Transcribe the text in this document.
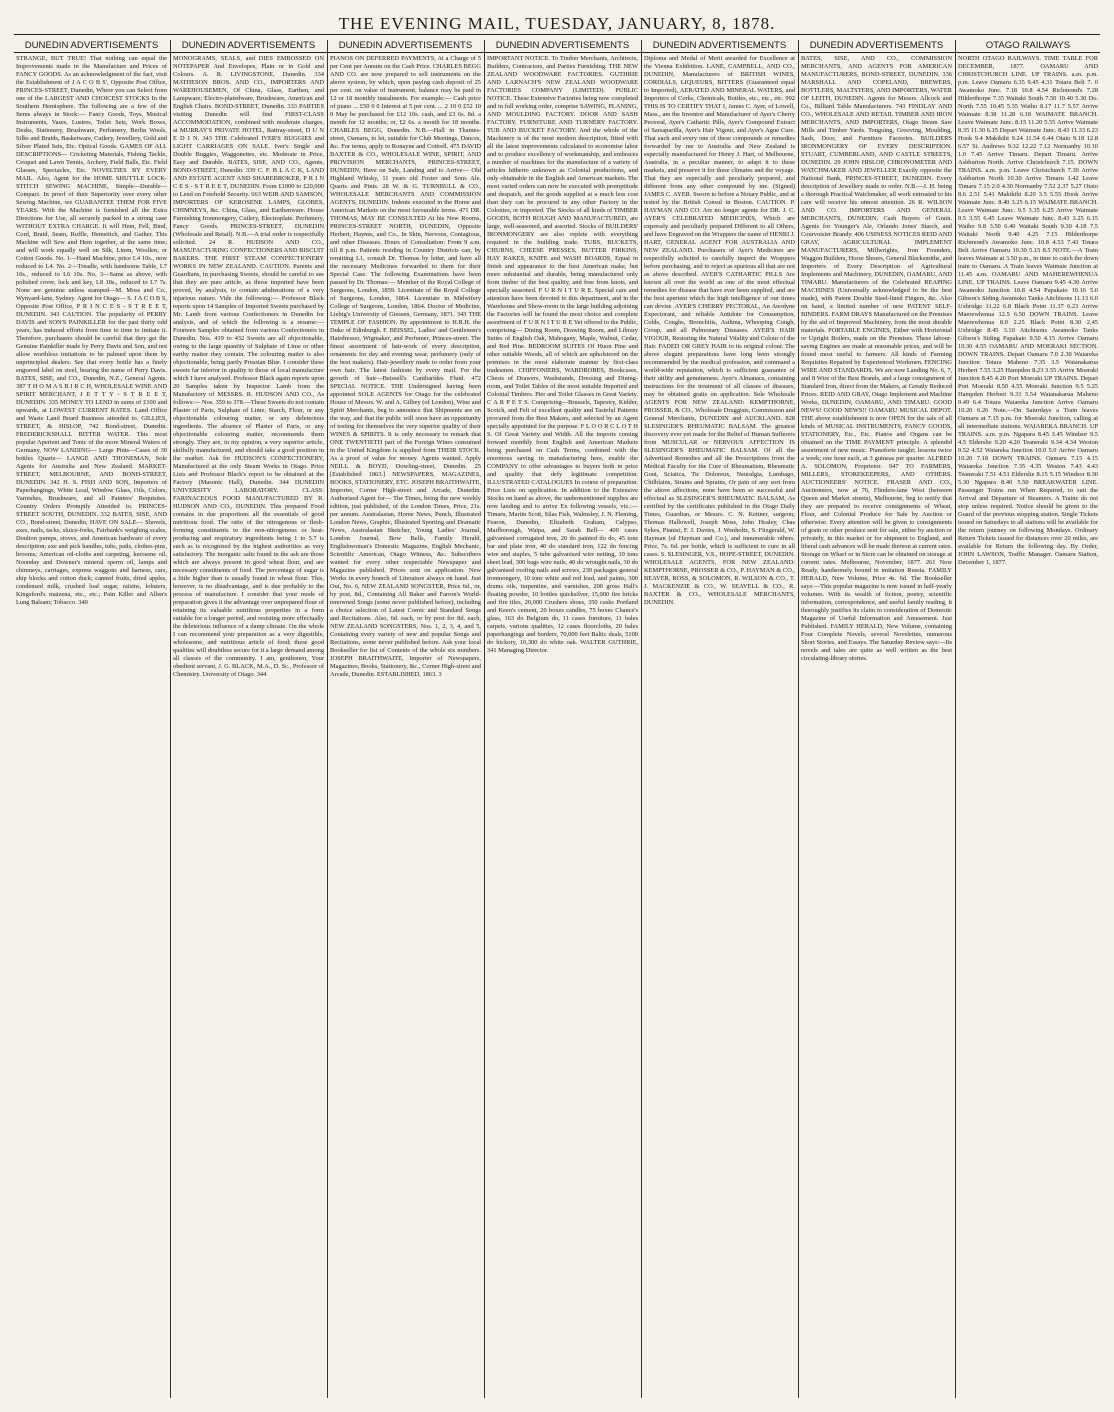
THE EVENING MAIL, TUESDAY, JANUARY, 8, 1878.
DUNEDIN ADVERTISEMENTS
STRANGE, BUT TRUE! That nothing can equal the Improvements made in the Manufacture and Prices of FANCY GOODS. As an acknowledgment of the fact, visit the Establishment of J A C O B S', Opposite Post Office, PRINCES-STREET, Dunedin, Where you can Select from one of the LARGEST AND CHOICEST STOCKS In the Southern Hemisphere. The following are a few of the Items always in Stock:— Fancy Goods, Toys, Musical Instruments, Vases, Lustres, Toilet Sets, Work Boxes, Desks, Stationery, Brushware, Perfumery, Berlin Wools, Silks and Braids, Basketware, Cutlery, Jewellery, Gold and Silver Plated Sets, Etc. Optical Goods. GAMES OF ALL DESCRIPTIONS— Cricketing Materials, Fishing Tackle, Croquet and Lawn Tennis, Archery, Field Balls, Etc. Field Glasses, Spectacles, Etc. NOVELTIES BY EVERY MAIL. Also, Agent for the HOME SHUTTLE LOCK-STITCH SEWING MACHINE, Simple—Durable—Compact. In proof of their Superiority over every other Sewing Machine, we GUARANTEE THEM FOR FIVE YEARS. With the Machine is furnished all the Extra Directions for Use, all securely packed in a strong case WITHOUT EXTRA CHARGE. It will Hem, Fell, Bind, Cord, Braid, Seam, Ruffle, Hemstitch, and Gather. This Machine will Sew and Hem together, at the same time; and will work equally well on Silk, Linen, Woollen, or Cotton Goods. No. 1—Hand Machine, price L4 10s., now reduced to L4. No. 2—Treadle, with handsome Table, L7 10s., reduced to L6 10s. No. 3—Same as above, with polished cover, lock and key, L8 10s., reduced to L7 7s. None are genuine unless stamped—M. Moss and Co., Wynyard-lane, Sydney. Agent for Otago— S. J A C O B S, Opposite Post Office, P R I N C E S - S T R E E T, DUNEDIN. 343 CAUTION. The popularity of PERRY DAVIS and SON'S PAINKILLER for the past thirty odd years, has induced efforts from time to time to imitate it. Therefore, purchasers should be careful that they get the Genuine Painkiller made by Perry Davis and Son, and not allow worthless imitations to be palmed upon them by unprincipled dealers. See that every bottle has a finely engraved label on steel, bearing the name of Perry Davis. BATES, SISE, and CO., Dunedin, N.Z., General Agents. 387 T H O M A S B I R C H, WHOLESALE WINE AND SPIRIT MERCHANT, J E T T Y - S T R E E T, DUNEDIN. 335 MONEY TO LEND in sums of £100 and upwards, at LOWEST CURRENT RATES. Land Office and Waste Land Board Business attended to. GILLIES, STREET, & HISLOP, 742 Bond-street, Dunedin. FREDERICKSHALL BITTER WATER. This most popular Aperient and Tonic of the more Mineral Waters of Germany, NOW LANDING— Large Pints—Cases of 30 bottles Quarts— LANGE AND THONEMAN, Sole Agents for Australia and New Zealand. MARKET-STREET, MELBOURNE, AND BOND-STREET, DUNEDIN. 342 H. S. FISH AND SON, Importers of Paperhangings, White Lead, Window Glass, Oils, Colors, Varnishes, Brushware, and all Painters' Requisites. Country Orders Promptly Attended to. PRINCES-STREET SOUTH, DUNEDIN. 332 BATES, SISE, AND CO., Bond-street, Dunedin, HAVE ON SALE— Shovels, axes, nails, tacks, sluice-forks, Fairbank's weighing scales, Doulton pumps, stoves, and American hardware of every description; axe and pick handles, tubs, pails, clothes-pins, brooms; American oil-cloths and carpeting, kerosene oil, Noonday and Downer's mineral sperm oil, lamps and chimneys, carriages, express waggons and harness, cars, ship blocks and cotton duck; canned fruits, dried apples, condensed milk, crushed loaf sugar, raisins, lobsters, Kingsford's maizena, etc., etc.; Pain Killer and Allen's Lung Balsam; Tobacco. 340
DUNEDIN ADVERTISEMENTS
MONOGRAMS, SEALS, and DIES EMBOSSED ON NOTEPAPER And Envelopes, Plain or in Gold and Colours. A. R. LIVINGSTONE, Dunedin. 334 MATHESON BROS. AND CO., IMPORTERS AND WAREHOUSEMEN, Of China, Glass, Earthen, and Lampware; Electro-platedware, Brushware, American and English Chairs. BOND-STREET, Dunedin. 333 PARTIES visiting Dunedin will find FIRST-CLASS ACCOMMODATION, combined with moderate charges, at MURRAY'S PRIVATE HOTEL, Rattray-street, D U N E D I N. 343 THE Celebrated IVER'S BUGGIES and LIGHT CARRIAGES ON SALE. Iver's Single and Double Buggies, Waggonettes, etc. Moderate in Price, Easy and Durable. BATES, SISE, AND CO., Agents, BOND-STREET, Dunedin. 339 C. F. B L A C K, LAND AND ESTATE AGENT AND SHAREBROKER, P R I N C E S - S T R E E T, DUNEDIN. From £1000 to £20,000 to Lend on Freehold Security. 663 WEIR AND SAMSON, IMPORTERS OF KEROSENE LAMPS, GLOBES, CHIMNEYS, &c. China, Glass, and Earthenware. House Furnishing Ironmongery, Cutlery, Electroplate. Perfumery, Fancy Goods. PRINCES-STREET, DUNEDIN (Wholesale and Retail). N.B.—A trial order is respectfully solicited. 24 R. HUDSON AND CO., MANUFACTURING CONFECTIONERS AND BISCUIT BAKERS. THE FIRST STEAM CONFECTIONERY WORKS IN NEW ZEALAND. CAUTION. Parents and Guardians, in purchasing Sweets, should be careful to see that they are pure article, as those imported have been proved, by analysis, to contain adulterations of a very injurious nature. Vide the following:— Professor Black reports upon 14 Samples of Imported Sweets purchased by Mr. Lamb from various Confectioners in Dunedin for analysis, and of which the following is a resume:— Fourteen Samples obtained from various Confectioners in Dunedin. Nos. 419 to 432 Sweets are all objectionable, owing to the large quantity of Sulphate of Lime or other earthy matter they contain. The colouring matter is also objectionable, being partly Prussian Blue. I consider these sweets far inferior in quality to those of local manufacture which I have analysed. Professor Black again reports upon 20 Samples taken by Inspector Lamb from the Manufactory of MESSRS. R. HUDSON AND CO., As follows:— Nos. 359 to 378.—These Sweets do not contain Plaster of Paris, Sulphate of Lime, Starch, Flour, or any objectionable colouring matter, or any deleterious ingredients. The absence of Plaster of Paris, or any objectionable colouring matter, recommends them strongly. They are, in my opinion, a very superior article, skilfully manufactured, and should take a good position in the market. Ask for HUDSON'S CONFECTIONERY, Manufactured at the only Steam Works in Otago. Price Lists and Professor Black's report to be obtained at the Factory (Masonic Hall), Dunedin. 344 DUNEDIN UNIVERSITY LABORATORY. CLASS: FARINACEOUS FOOD MANUFACTURED BY R. HUDSON AND CO., DUNEDIN. This prepared Food contains in due proportions all the essentials of good nutritious food. The ratio of the nitrogenous or flesh-forming constituents to the non-nitrogenous or heat-producing and respiratory ingredients being 1 to 5.7 is such as is recognised by the highest authorities as very satisfactory. The inorganic salts found in the ash are those which are always present in good wheat flour, and are necessary constituents of food. The percentage of sugar is a little higher than is usually found in wheat flour. This, however, is no disadvantage, and is due probably to the process of manufacture. I consider that your mode of preparation gives it the advantage over unprepared flour of retaining its valuable nutritious properties in a form suitable for a longer period, and resisting more effectually the deleterious influence of a damp climate. On the whole I can recommend your preparation as a very digestible, wholesome, and nutritious article of food; these good qualities will doubtless secure for it a large demand among all classes of the community. I am, gentlemen, Your obedient servant, J. G. BLACK, M.A., D. Sc., Professor of Chemistry. University of Otago. 344
DUNEDIN ADVERTISEMENTS
PIANOS ON DEFERRED PAYMENTS, At a Charge of 5 per Cent per Annum on the Cash Price. CHARLES BEGG AND CO. are now prepared to sell instruments on the above system, by which, upon paying cash deposit of 25 per cent. on value of instrument, balance may be paid in 12 or 18 monthly instalments. For example:— Cash price of piano ... £50 0 0 Interest at 5 per cent. ... 2 10 0 £52 10 0 May be purchased for £12 10s. cash, and £3 6s. 8d. a month for 12 months; or, £2 6s. a month for 18 months. CHARLES BEGG, Dunedin. N.B.—Hall in Thames-street, Oamaru, to let, suitable for Club Meetings, Dances, &c. For terms, apply to Ronayne and Cottrell. 475 DAVID BAXTER & CO., WHOLESALE WINE, SPIRIT, AND PROVISION MERCHANTS, PRINCES-STREET, DUNEDIN, Have on Sale, Landing and to Arrive— Old Highland Whisky, 11 years old Foster and Sons Ale, Quarts and Pints. 28 W. & G. TURNBULL & CO., WHOLESALE MERCHANTS AND COMMISSION AGENTS, DUNEDIN. Indents executed in the Home and American Markets on the most favourable terms. 471 DR. THOMAS, MAY BE CONSULTED At his New Rooms, PRINCES-STREET NORTH, DUNEDIN, Opposite Herbert, Haynes, and Co., In Skin, Nervous, Contagious, and other Diseases. Hours of Consultation: From 9 a.m. till 8 p.m. Patients residing in Country Districts can, by remitting L1, consult Dr. Thomas by letter, and have all the necessary Medicines forwarded to them for their Special Case. The following Examinations have been passed by Dr. Thomas:— Member of the Royal College of Surgeons, London, 1859. Licentiate of the Royal College of Surgeons, London, 1864. Licentiate in Midwifery College of Surgeons, London, 1864. Doctor of Medicine, Liebig's University of Giessen, Germany, 1871. 343 THE TEMPLE OF FASHION. By appointment to H.R.H. the Duke of Edinburgh. F. BEISSEL, Ladies' and Gentlemen's Hairdresser, Wigmaker, and Perfumer, Princes-street. The finest assortment of hair-work of every description, ornaments for day and evening wear, perfumery (only of the best makers). Hair-jewellery made to order from your own hair. The latest fashions by every mail. For the growth of hair—Beissell's Cantharides Fluid. 472 SPECIAL NOTICE. THE Undersigned having been appointed SOLE AGENTS for Otago for the celebrated House of Messrs. W. and A. Gilbey (of London), Wine and Spirit Merchants, beg to announce that Shipments are on the way, and that the public will soon have an opportunity of testing for themselves the very superior quality of their WINES & SPIRITS. It is only necessary to remark that ONE TWENTIETH part of the Foreign Wines consumed in the United Kingdom is supplied from THEIR STOCK. As a proof of value for money. Agents wanted. Apply NEILL & BOYD, Dowling-street, Dunedin. 25 [Established 1863.] NEWSPAPERS, MAGAZINES, BOOKS, STATIONERY, ETC. JOSEPH BRAITHWAITE, Importer, Corner High-street and Arcade, Dunedin. Authorised Agent for— The Times, being the new weekly edition, just published, of the London Times, Price, 21s. per annum. Australasian, Home News, Punch, Illustrated London News, Graphic, Illustrated Sporting and Dramatic News, Australasian Sketcher, Young Ladies' Journal, London Journal, Bow Bells, Family Herald, Englishwoman's Domestic Magazine, English Mechanic, Scientific American, Otago Witness, &c. Subscribers wanted for every other respectable Newspaper and Magazine published. Prices sent on application. New Works in every branch of Literature always on hand. Just Out, No. 6, NEW ZEALAND SONGSTER, Price 6d., or, by post, 8d., Containing All Baker and Farron's World-renowned Songs (some never published before), including a choice selection of Latest Comic and Standard Songs and Recitations. Also, 6d. each, or by post for 8d. each, NEW ZEALAND SONGSTERS, Nos. 1, 2, 3, 4, and 5, Containing every variety of new and popular Songs and Recitations, some never published before. Ask your local Bookseller for list of Contents of the whole six numbers. JOSEPH BRAITHWAITE, Importer of Newspapers, Magazines, Books, Stationery, &c., Corner High-street and Arcade, Dunedin. ESTABLISHED, 1863. 3
DUNEDIN ADVERTISEMENTS
IMPORTANT NOTICE. To Timber Merchants, Architects, Builders, Contractors, and Parties Furnishing. THE NEW ZEALAND WOODWARE FACTORIES. GUTHRIE AND LARNACH'S NEW ZEALAND WOODWARE FACTORIES COMPANY (LIMITED). PUBLIC NOTICE. These Extensive Factories being now completed and in full working order, comprise SAWING, PLANING, AND MOULDING FACTORY. DOOR AND SASH FACTORY. FURNITURE AND TURNERY FACTORY. TUB AND BUCKET FACTORY. And the whole of the Machinery is of the most modern description, fitted with all the latest improvements calculated to economise labor and to produce excellency of workmanship, and embraces a number of machines for the manufacture of a variety of articles hitherto unknown as Colonial productions, and only obtainable in the English and American markets. The most varied orders can now be executed with promptitude and despatch, and the goods supplied at a much less cost than they can be procured in any other Factory in the Colonies, or imported. The Stocks of all kinds of TIMBER GOODS, BOTH ROUGH AND MANUFACTURED, are large, well-seasoned, and assorted. Stocks of BUILDERS' IRONMONGERY are also replete with everything required in the building trade. TUBS, BUCKETS, CHURNS, CHEESE PRESSES, BUTTER FIRKINS, HAY RAKES, KNIFE and WASH BOARDS, Equal in finish and appearance to the best American make, but more substantial and durable, being manufactured only from timber of the best quality, and free from knots, and specially seasoned. F U R N I T U R E. Special care and attention have been devoted to this department, and in the Warehouse and Show-room in the large building adjoining the Factories will be found the most choice and complete assortment of F U R N I T U R E Yet offered to the Public, comprising— Dining Room, Drawing Room, and Library Suites of English Oak, Mahogany, Maple, Walnut, Cedar, and Red Pine. BEDROOM SUITES Of Huon Pine and other suitable Woods, all of which are upholstered on the premises in the most elaborate manner by first-class tradesmen. CHIFFONIERS, WARDROBES, Bookcases, Chests of Drawers, Washstands, Dressing and Dining-room, and Toilet Tables of the most suitable Imported and Colonial Timbers. Pier and Toilet Glasses in Great Variety. C A R P E T S. Comprising—Brussels, Tapestry, Kidder, Scotch, and Felt of excellent quality and Tasteful Patterns procured from the Best Makers, and selected by an Agent specially appointed for the purpose. F L O O R C L O T H S. Of Great Variety and Width. All the imports coming forward monthly from English and American Markets being purchased on Cash Terms, combined with the enormous saving in manufacturing here, enable the COMPANY to offer advantages to buyers both in price and quality that defy legitimate competition. ILLUSTRATED CATALOGUES In course of preparation. Price Lists on application. In addition to the Extensive Stocks on hand as above, the undermentioned supplies are now landing and to arrive Ex following vessels, viz.:— Timaru, Martin Scott, Silas Fish, Walmsley, J. N. Fleming, Fearon, Dunedin, Elizabeth Graham, Calypso, Marlborough, Waipa, and Sarah Bell— 400 cases galvanised corrugated iron, 20 do painted do do, 45 tons bar and plate iron, 40 do standard iron, 122 do fencing wire and staples, 5 tube galvanised wire netting, 10 tons sheet lead, 300 bags wire nails, 40 do wrought nails, 30 do galvanised roofing nails and screws, 230 packages general ironmongery, 10 tons white and red lead, and paints, 300 drums oils, turpentine, and varnishes, 200 gross Hall's floating powder, 10 bottles quicksilver, 15,000 fire bricks and fire tiles, 20,000 Crushers shoes, 350 casks Portland and Keen's cement, 20 boxes candles, 75 boxes Chance's glass, 163 do Belgium do, 11 cases furniture, 11 bales carpets, various qualities, 12 cases floorcloths, 20 bales paperhangings and borders, 70,000 feet Baltic deals, 5100 do hickory, 10,300 do white oak. WALTER GUTHRIE, 341 Managing Director.
DUNEDIN ADVERTISEMENTS
Diploma and Medal of Merit awarded for Excellence at the Vienna Exhibition. LANE, CAMPBELL, AND CO., DUNEDIN, Manufacturers of BRITISH WINES, CORDIALS, LIQUEURS, BITTERS (Guaranteed equal to Imported), AERATED AND MINERAL WATERS, and Importers of Corks, Chemicals, Bottles, etc., etc., etc. 992 THIS IS TO CERTIFY THAT I, James C. Ayer, of Lowell, Mass., am the Inventor and Manufacturer of Ayer's Cherry Pectoral, Ayer's Cathartic Pills, Ayer's Compound Extract of Sarsaparilla, Ayer's Hair Vigour, and Ayer's Ague Cure. That each and every one of these compounds or remedies forwarded by me to Australia and New Zealand is especially manufactured for Henry J. Hart, of Melbourne, Australia, in a peculiar manner, to adapt it to these markets, and preserve it for these climates and the voyage. That they are especially and peculiarly prepared, and different from any other compound by me. (Signed) JAMES C. AYER. Sworn to before a Notary Public, and at tested by the British Consul in Boston. CAUTION. P. HAYMAN AND CO. Are no longer agents for DR. J. C. AYER'S CELEBRATED MEDICINES, Which are expressly and peculiarly prepared Different to all Others, and have Engraved on the Wrappers the name of HENRI J. HART, GENERAL AGENT FOR AUSTRALIA AND NEW ZEALAND. Purchasers of Ayer's Medicines are respectfully solicited to carefully inspect the Wrappers before purchasing, and to reject as spurious all that are not as above described. AYER'S CATHARTIC PILLS Are known all over the world as one of the most effectual remedies for disease that have ever been supplied, and are the best aperient which the high intelligence of our times can devise. AYER'S CHERRY PECTORAL, An Anodyne Expectorant, and reliable Antidote for Consumption, Colds, Coughs, Bronchitis, Asthma, Whooping Cough, Croup, and all Pulmonary Diseases. AYER'S HAIR VIGOUR, Restoring the Natural Vitality and Colour of the Hair. FADED OR GREY HAIR to its original colour. The above elegant preparations have long been strongly recommended by the medical profession, and command a world-wide reputation, which is sufficient guarantee of their utility and genuineness. Ayer's Almanacs, containing instructions for the treatment of all classes of diseases, may be obtained gratis on application. Sole Wholesale AGENTS FOR NEW ZEALAND: KEMPTHORNE, PROSSER, & CO., Wholesale Druggists, Commission and General Merchants, DUNEDIN and AUCKLAND. 828 SLESINGER'S RHEUMATIC BALSAM. The greatest discovery ever yet made for the Relief of Human Sufferers from MUSCULAR or NERVOUS AFFECTION IS SLESINGER'S RHEUMATIC BALSAM. Of all the Advertised Remedies and all the Prescriptions from the Medical Faculty for the Cure of Rheumatism, Rheumatic Gout, Sciatica, Tic Doloreux, Neuralgia, Lumbago, Chilblains, Strains and Sprains, Or pain of any sort from the above affections, none have been so successful and effectual as SLESINGER'S RHEUMATIC BALSAM, As certified by the certificates published in the Otago Daily Times, Guardian, or Messrs. C. N. Kettner, surgeon; Thomas Hallowell, Joseph Moss, John Healey, Chas Sykes, Pianist; F. J. Davies, J. Wenholtz, S. Fitzgerald, W. Hayman (of Hayman and Co.), and innumerable others. Price, 7s. 6d. per bottle, which is sufficient to cure in all cases. S. SLESINGER, V.S., HOPE-STREET, DUNEDIN. WHOLESALE AGENTS, FOR NEW ZEALAND: KEMPTHORNE, PROSSER & CO., P. HAYMAN & CO., BEAVER, ROSS, & SOLOMON, R. WILSON & CO., T. J. MACKENZIE & CO., W. SEAVELL & CO., R. BAXTER & CO., WHOLESALE MERCHANTS, DUNEDIN.
DUNEDIN ADVERTISEMENTS
BATES, SISE, AND CO., COMMISSION MERCHANTS, AND AGENTS FOR AMERICAN MANUFACTURERS, BOND-STREET, DUNEDIN. 336 MARSHALL AND COPELAND, BREWERS, BOTTLERS, MALTSTERS, AND IMPORTERS, WATER OF LEITH, DUNEDIN. Agents for Messrs. Allcock and Co., Billiard Table Manufacturers. 743 FINDLAY AND CO., WHOLESALE AND RETAIL TIMBER AND IRON MERCHANTS, AND IMPORTERS, Otago Steam Saw Mills and Timber Yards. Tonguing, Grooving, Moulding, Sash, Door, and Furniture Factories. BUILDERS IRONMONGERY OF EVERY DESCRIPTION. STUART, CUMBERLAND, AND CASTLE STREETS, DUNEDIN. 29 JOHN HISLOP, CHRONOMETER AND WATCHMAKER AND JEWELLER Exactly opposite the National Bank, PRINCES-STREET, DUNEDIN. Every description of Jewellery made to order. N.B.—J. H. being a thorough Practical Watchmaker, all work entrusted to his care will receive his utmost attention. 26 R. WILSON AND CO. IMPORTERS AND GENERAL MERCHANTS, DUNEDIN. Cash Buyers of Grain. Agents for Younger's Ale, Orlando Jones' Starch, and Courvoisier Brandy. 406 USINESS NOTICES REID AND GRAY, AGRICULTURAL IMPLEMENT MANUFACTURERS, Millwrights, Iron Founders, Waggon Builders, Horse Shoers, General Blacksmiths, and Importers of Every Description of Agricultural Implements and Machinery, DUNEDIN, OAMARU, AND TIMARU. Manufacturers of the Celebrated REAPING MACHINES (Universally acknowledged to be the best made), with Patent Double Steel-lined Fingers, &c. Also on hand, a limited number of new PATENT SELF-BINDERS. FARM DRAYS Manufactured on the Premises by the aid of Improved Machinery, from the most durable materials. PORTABLE ENGINES, Either with Horizontal or Upright Boilers, made on the Premises. These labour-saving Engines are made at reasonable prices, and will be found most useful to farmers. All kinds of Farming Requisites Repaired by Experienced Workmen. FENCING WIRE AND STANDARDS. We are now Landing No. 6, 7, and 8 Wire of the Best Brands, and a large consignment of Standard Iron, direct from the Makers, at Greatly Reduced Prices. REID AND GRAY, Otago Implement and Machine Works, DUNEDIN, OAMARU, AND TIMARU. GOOD NEWS! GOOD NEWS!! OAMARU MUSICAL DEPOT. THE above establishment is now OPEN for the sale of all kinds of MUSICAL INSTRUMENTS, FANCY GOODS, STATIONERY, Etc., Etc. Pianos and Organs can be obtained on the TIME PAYMENT principle. A splendid assortment of new music. Pianoforte taught; lessons twice a week; one hour each, at 3 guineas per quarter. ALFRED A. SOLOMON, Proprietor. 947 TO FARMERS, MILLERS, STOREKEEPERS, AND OTHERS. AUCTIONEERS' NOTICE. FRASER AND CO., Auctioneers, now at 76, Flinders-lane West (between Queen and Market streets), Melbourne, beg to notify that they are prepared to receive consignments of Wheat, Flour, and Colonial Produce for Sale by Auction or otherwise. Every attention will be given to consignments of grain or other produce sent for sale, either by auction or privately, in this market or for shipment to England, and liberal cash advances will be made thereon at current rates. Storage on Wharf or in Store can be obtained on storage at current rates. Melbourne, November, 1877. 261 Now Ready, handsomely bound in imitation Russia. FAMILY HERALD, New Volume, Price 4s. 6d. The Bookseller says:—This popular magazine is now issued in half-yearly volumes. With its wealth of fiction, poetry, scientific information, correspondence, and useful family reading, it thoroughly justifies its claim to consideration of Domestic Magazine of Useful Information and Amusement. Just Published. FAMILY HERALD, New Volume, containing Four Complete Novels, several Novelettes, numerous Short Stories, and Essays. The Saturday Review says:—Its novels and tales are quite as well written as the best circulating-library stories.
OTAGO RAILWAYS
NORTH OTAGO RAILWAYS. TIME TABLE FOR DECEMBER, 1877. OAMARU AND CHRISTCHURCH LINE. UP TRAINS. a.m. p.m. p.m. Leave Oamaru 6.35 9.45 4.31 Totara Belt 7. 0 Awamoko Junc. 7.18 10.8 4.54 Richmond's 7.28 Hilderthorpe 7.35 Waitaki South 7.50 10.40 5.30 Do. North 7.55 10.45 5.35 Waiho 8.17 11.7 5.57 Arrive Waimate 8.38 11.28 6.18 WAIMATE BRANCH. Leave Waimate Junc. 8.15 11.20 5.55 Arrive Waimate 8.35 11.30 6.15 Depart Waimate Junc. 8.43 11.33 6.23 Hook 9.4 Makikihi 9.24 11.54 6.44 Otaio 9.18 12.8 6.57 St. Andrews 9.32 12.22 7.12 Normanby 10.10 1.0 7.45 Arrive Timaru. Depart Timaru. Arrive Ashburton North. Arrive Christchurch 7.15. DOWN TRAINS. a.m. p.m. Leave Christchurch 7.30 Arrive Ashburton North 10.30 Arrive Timaru 1.42 Leave Timaru 7.15 2.0 4.30 Normanby 7.52 2.37 5.27 Otaio 8.6 2.51 5.41 Makikihi 8.20 3.5 5.55 Hook Arrive Waimate Junc. 8.40 3.25 6.15 WAIMATE BRANCH. Leave Waimate Junc. 9.5 3.35 6.25 Arrive Waimate 9.5 3.55 6.45 Leave Waimate Junc. 8.43 3.25 6.15 Waiho 9.8 3.50 6.40 Waitaki South 9.30 4.18 7.5 Waitaki North 9.40 4.25 7.15 Hilderthorpe Richmond's Awamoko Junc. 10.8 4.53 7.43 Totara Belt Arrive Oamaru 10.30 5.15 8.5 NOTE.—A Train leaves Waimate at 3.50 p.m., in time to catch the down train to Oamaru. A Train leaves Waimate Junction at 11.45 a.m. OAMARU AND MAHEREWHENUA LINE. UP TRAINS. Leave Oamaru 9.45 4.30 Arrive Awamoko Junction 10.8 4.54 Papakaio 10.16 5.0 Gibson's Siding Awamoko Tanks Aitchisons 11.13 6.0 Uxbridge 11.22 6.8 Black Point 11.37 6.23 Arrive Maerewhenua 12.5 6.50 DOWN TRAINS. Leave Maerewhenua 8.0 2.25 Black Point 8.30 2.45 Uxbridge 8.45 3.10 Aitchisons Awamoko Tanks Gibson's Siding Papakaio 9.50 4.15 Arrive Oamaru 10.30 4.55 OAMARU AND MOERAKI SECTION. DOWN TRAINS. Depart Oamaru 7.0 2.30 Waiareka Junction Totara Maheno 7.35 3.5 Waianakarua Herbert 7.55 3.25 Hampden 8.23 3.55 Arrive Moeraki Junction 8.45 4.20 Port Moeraki UP TRAINS. Depart Port Moeraki 8.50 4.55 Moeraki Junction 9.5 5.25 Hampden Herbert 9.33 5.54 Waianakarua Maheno 9.49 6.4 Totara Waiareka Junction Arrive Oamaru 10.20 6.26 Note.—On Saturdays a Train leaves Oamaru at 7.15 p.m. for Moeraki Junction, calling at all intermediate stations. WAIAREKA BRANCH. UP TRAINS. a.m. p.m. Ngapara 8.45 3.45 Windsor 9.5 4.5 Elderslie 9.20 4.20 Teaneraki 9.34 4.34 Weston 9.52 4.52 Waiareka Junction 10.0 5.0 Arrive Oamaru 10.20 7.18 DOWN TRAINS. Oamaru 7.15 4.15 Waiareka Junction 7.35 4.35 Weston 7.43 4.43 Teaneraki 7.51 4.51 Elderslie 8.15 5.15 Windsor 8.30 5.30 Ngapara 8.40 5.50 BREAKWATER LINE. Passenger Trains run When Required, to suit the Arrival and Departure of Steamers. A Trains do not stop unless required. Notice should be given to the Guard of the previous stopping station. Single Tickets issued on Saturdays to all stations will be available for the return journey on following Mondays. Ordinary Return Tickets issued for distances over 20 miles, are available for Return the following day. By Order, JOHN LAWSON, Traffic Manager. Oamaru Station, December 1, 1877.
